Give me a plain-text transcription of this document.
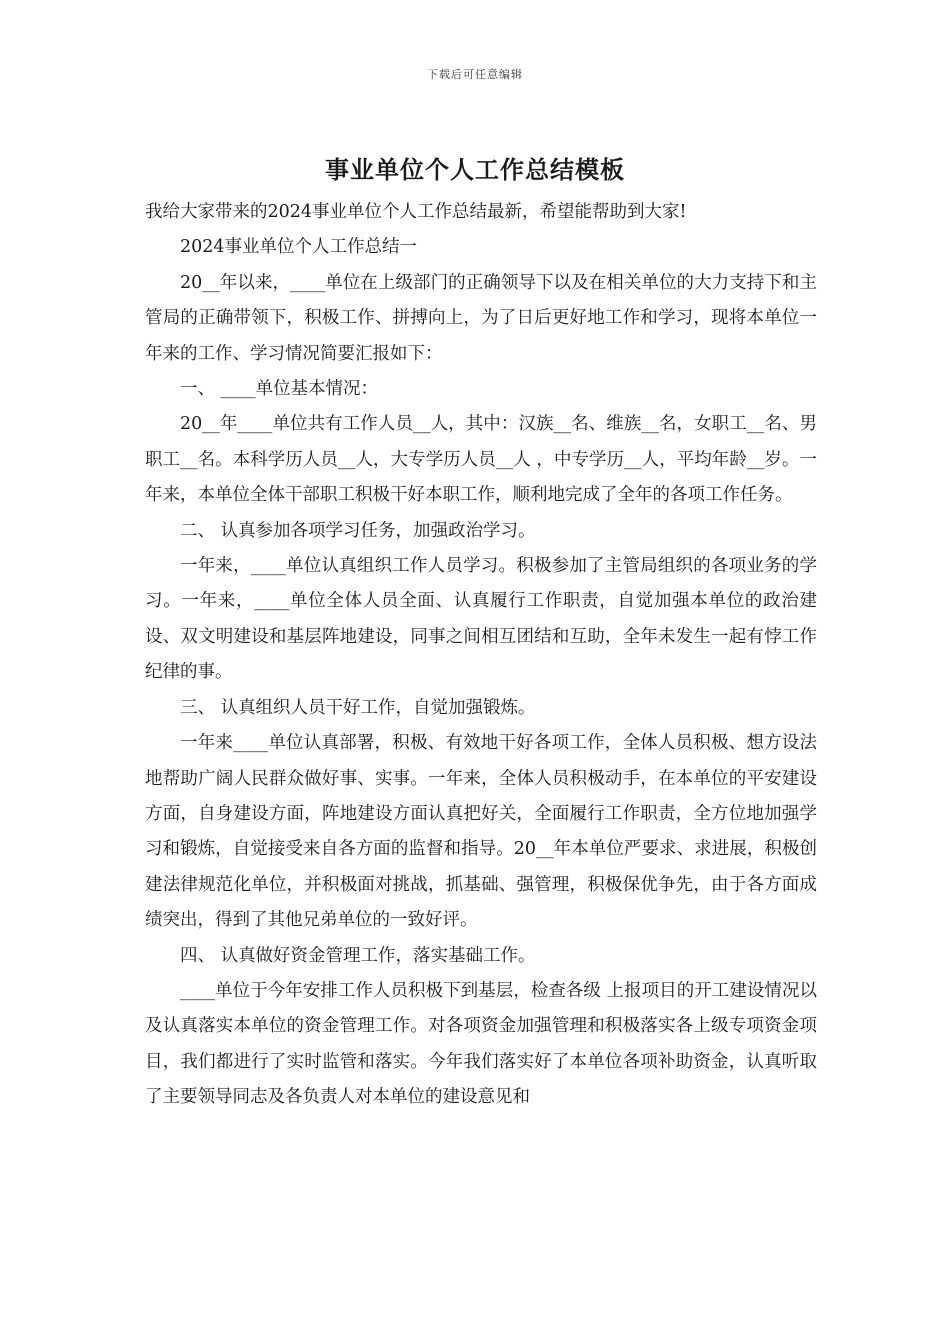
下载后可任意编辑
事业单位个人工作总结模板

我给大家带来的2024事业单位个人工作总结最新，希望能帮助到大家!

2024事业单位个人工作总结一

20__年以来，____单位在上级部门的正确领导下以及在相关单位的大力支持下和主管局的正确带领下，积极工作、拼搏向上，为了日后更好地工作和学习，现将本单位一年来的工作、学习情况简要汇报如下：

一、 ____单位基本情况：

20__年____单位共有工作人员__人，其中：汉族__名、维族__名，女职工__名、男职工__名。本科学历人员__人，大专学历人员__人 ，中专学历__人，平均年龄__岁。一年来，本单位全体干部职工积极干好本职工作，顺利地完成了全年的各项工作任务。

二、 认真参加各项学习任务，加强政治学习。

一年来，____单位认真组织工作人员学习。积极参加了主管局组织的各项业务的学习。一年来，____单位全体人员全面、认真履行工作职责，自觉加强本单位的政治建设、双文明建设和基层阵地建设，同事之间相互团结和互助，全年未发生一起有悖工作纪律的事。

三、 认真组织人员干好工作，自觉加强锻炼。

一年来____单位认真部署，积极、有效地干好各项工作，全体人员积极、想方设法地帮助广阔人民群众做好事、实事。一年来，全体人员积极动手，在本单位的平安建设方面，自身建设方面，阵地建设方面认真把好关，全面履行工作职责，全方位地加强学习和锻炼，自觉接受来自各方面的监督和指导。20__年本单位严要求、求进展，积极创建法律规范化单位，并积极面对挑战，抓基础、强管理，积极保优争先，由于各方面成绩突出，得到了其他兄弟单位的一致好评。

四、 认真做好资金管理工作，落实基础工作。

____单位于今年安排工作人员积极下到基层，检查各级 上报项目的开工建设情况以及认真落实本单位的资金管理工作。对各项资金加强管理和积极落实各上级专项资金项目，我们都进行了实时监管和落实。今年我们落实好了本单位各项补助资金，认真听取了主要领导同志及各负责人对本单位的建设意见和
